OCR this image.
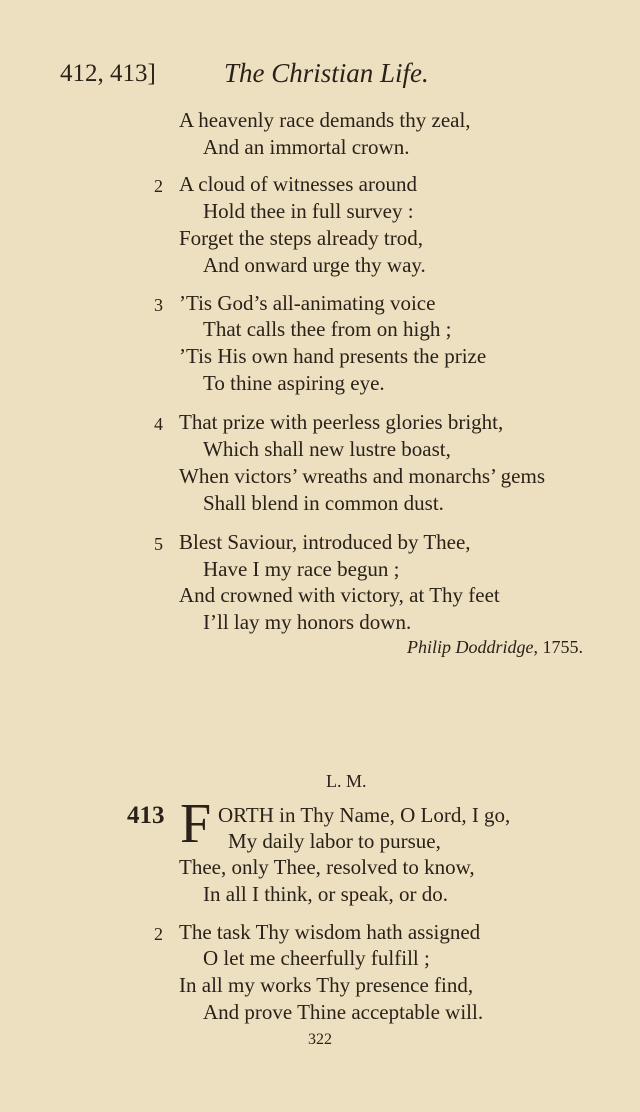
412, 413]	The Christian Life.
A heavenly race demands thy zeal,
And an immortal crown.
2 A cloud of witnesses around
Hold thee in full survey :
Forget the steps already trod,
And onward urge thy way.
3 ’Tis God’s all-animating voice
That calls thee from on high ;
’Tis His own hand presents the prize
To thine aspiring eye.
4 That prize with peerless glories bright,
Which shall new lustre boast,
When victors’ wreaths and monarchs’ gems
Shall blend in common dust.
5 Blest Saviour, introduced by Thee,
Have I my race begun ;
And crowned with victory, at Thy feet
I’ll lay my honors down.
Philip Doddridge, 1755.
L. M.
413 F ORTH in Thy Name, O Lord, I go,
My daily labor to pursue,
Thee, only Thee, resolved to know,
In all I think, or speak, or do.
2 The task Thy wisdom hath assigned
O let me cheerfully fulfill ;
In all my works Thy presence find,
And prove Thine acceptable will.
322
